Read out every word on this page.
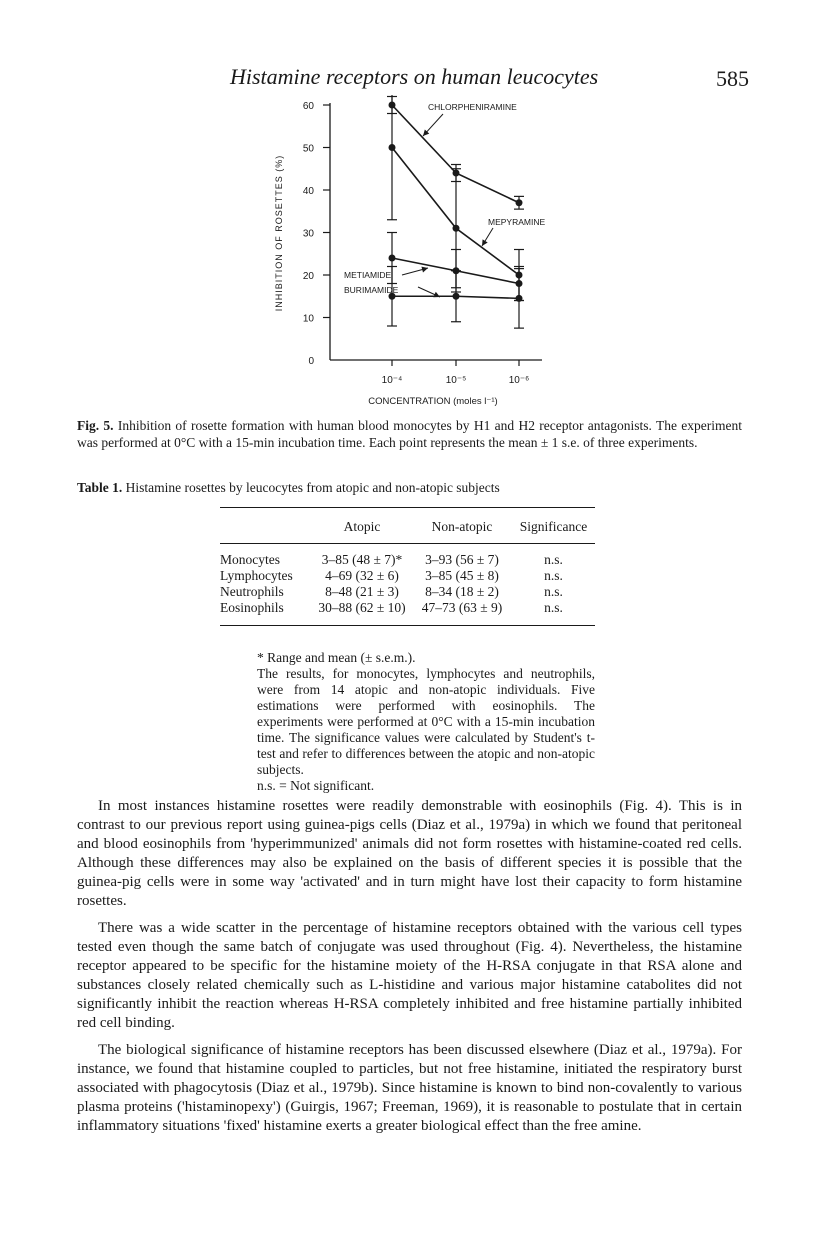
Histamine receptors on human leucocytes	585
0
10
20
30
40
50
60
10⁻⁴	10⁻⁵	10⁻⁶
INHIBITION OF ROSETTES (%)
CONCENTRATION (moles l⁻¹)
CHLORPHENIRAMINE
MEPYRAMINE
METIAMIDE
BURIMAMIDE
Fig. 5. Inhibition of rosette formation with human blood monocytes by H1 and H2 receptor antagonists. The experiment was performed at 0°C with a 15-min incubation time. Each point represents the mean ± 1 s.e. of three experiments.
Table 1. Histamine rosettes by leucocytes from atopic and non-atopic subjects
	Atopic	Non-atopic	Significance
Monocytes	3–85 (48 ± 7)*	3–93 (56 ± 7)	n.s.
Lymphocytes	4–69 (32 ± 6)	3–85 (45 ± 8)	n.s.
Neutrophils	8–48 (21 ± 3)	8–34 (18 ± 2)	n.s.
Eosinophils	30–88 (62 ± 10)	47–73 (63 ± 9)	n.s.

* Range and mean (± s.e.m.).

The results, for monocytes, lymphocytes and neutrophils, were from 14 atopic and non-atopic individuals. Five estimations were performed with eosinophils. The experiments were performed at 0°C with a 15-min incubation time. The significance values were calculated by Student's t-test and refer to differences between the atopic and non-atopic subjects.

n.s. = Not significant.

In most instances histamine rosettes were readily demonstrable with eosinophils (Fig. 4). This is in contrast to our previous report using guinea-pigs cells (Diaz et al., 1979a) in which we found that peritoneal and blood eosinophils from 'hyperimmunized' animals did not form rosettes with histamine-coated red cells. Although these differences may also be explained on the basis of different species it is possible that the guinea-pig cells were in some way 'activated' and in turn might have lost their capacity to form histamine rosettes.

There was a wide scatter in the percentage of histamine receptors obtained with the various cell types tested even though the same batch of conjugate was used throughout (Fig. 4). Nevertheless, the histamine receptor appeared to be specific for the histamine moiety of the H-RSA conjugate in that RSA alone and substances closely related chemically such as L-histidine and various major histamine catabolites did not significantly inhibit the reaction whereas H-RSA completely inhibited and free histamine partially inhibited red cell binding.

The biological significance of histamine receptors has been discussed elsewhere (Diaz et al., 1979a). For instance, we found that histamine coupled to particles, but not free histamine, initiated the respiratory burst associated with phagocytosis (Diaz et al., 1979b). Since histamine is known to bind non-covalently to various plasma proteins ('histaminopexy') (Guirgis, 1967; Freeman, 1969), it is reasonable to postulate that in certain inflammatory situations 'fixed' histamine exerts a greater biological effect than the free amine.
